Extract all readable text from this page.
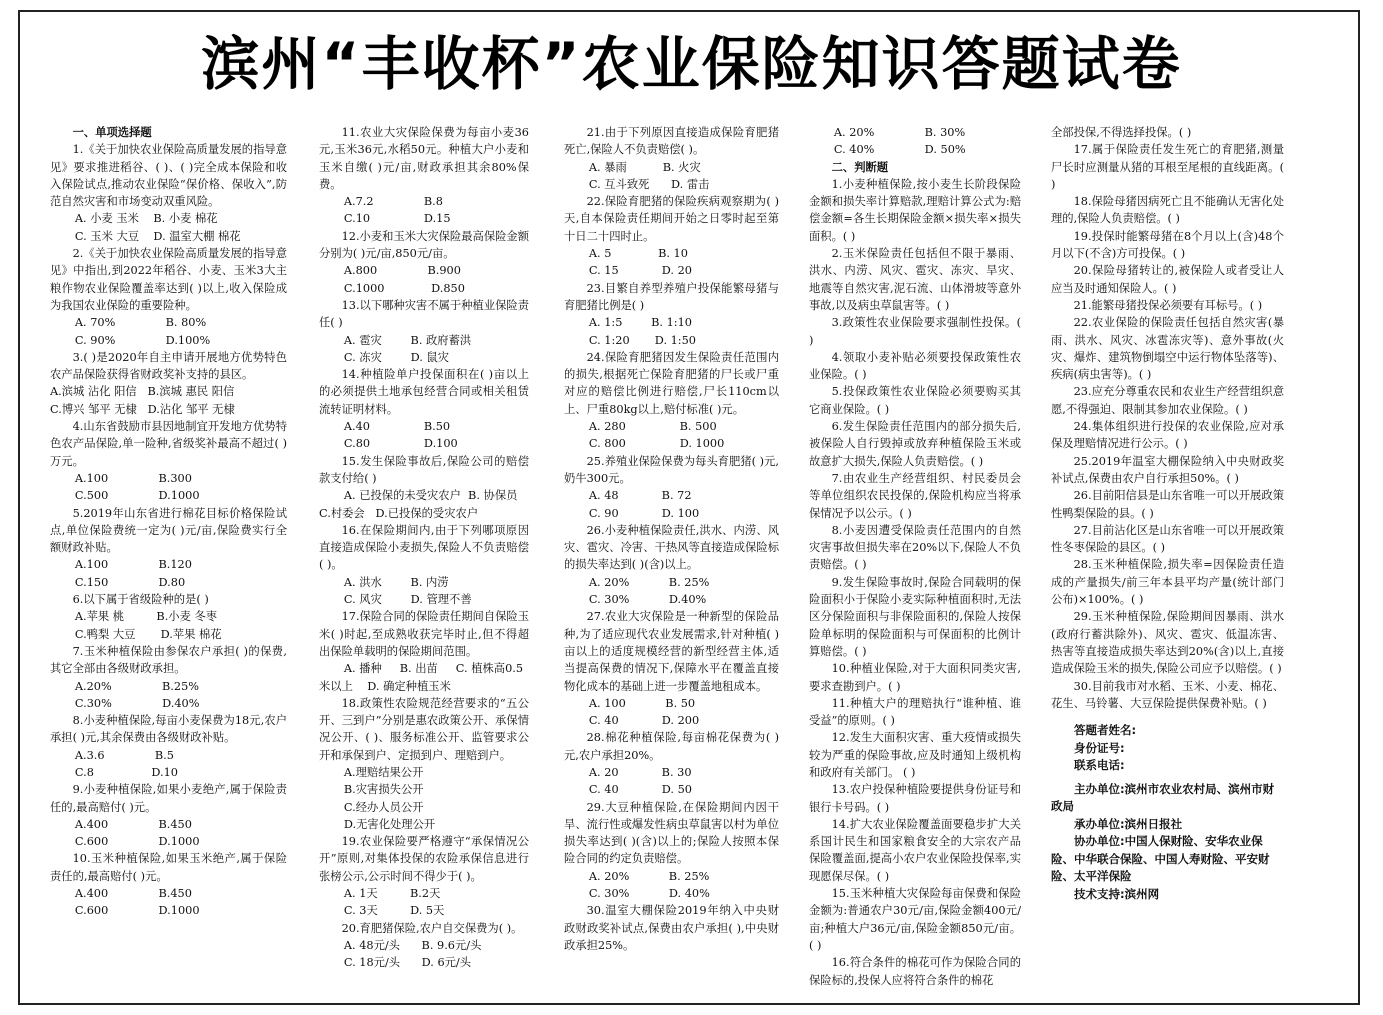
滨州“丰收杯”农业保险知识答题试卷

一、单项选择题

1.《关于加快农业保险高质量发展的指导意见》要求推进稻谷、( )、( )完全成本保险和收入保险试点,推动农业保险“保价格、保收入”,防范自然灾害和市场变动双重风险。

A. 小麦 玉米    B. 小麦 棉花

C. 玉米 大豆    D. 温室大棚 棉花

2.《关于加快农业保险高质量发展的指导意见》中指出,到2022年稻谷、小麦、玉米3大主粮作物农业保险覆盖率达到( )以上,收入保险成为我国农业保险的重要险种。

A. 70%              B. 80%

C. 90%              D.100%

3.( )是2020年自主申请开展地方优势特色农产品保险获得省财政奖补支持的县区。

A.滨城 沾化 阳信   B.滨城 惠民 阳信

C.博兴 邹平 无棣   D.沾化 邹平 无棣

4.山东省鼓励市县因地制宜开发地方优势特色农产品保险,单一险种,省级奖补最高不超过( )万元。

A.100              B.300

C.500              D.1000

5.2019年山东省进行棉花目标价格保险试点,单位保险费统一定为( )元/亩,保险费实行全额财政补贴。

A.100              B.120

C.150              D.80

6.以下属于省级险种的是( )

A.苹果 桃         B.小麦 冬枣

C.鸭梨 大豆       D.苹果 棉花

7.玉米种植保险由参保农户承担( )的保费,其它全部由各级财政承担。

A.20%              B.25%

C.30%              D.40%

8.小麦种植保险,每亩小麦保费为18元,农户承担( )元,其余保费由各级财政补贴。

A.3.6              B.5

C.8                D.10

9.小麦种植保险,如果小麦绝产,属于保险责任的,最高赔付( )元。

A.400              B.450

C.600              D.1000

10.玉米种植保险,如果玉米绝产,属于保险责任的,最高赔付( )元。

A.400              B.450

C.600              D.1000

11.农业大灾保险保费为每亩小麦36元,玉米36元,水稻50元。种植大户小麦和玉米自缴( )元/亩,财政承担其余80%保费。

A.7.2              B.8

C.10               D.15

12.小麦和玉米大灾保险最高保险金额分别为( )元/亩,850元/亩。

A.800              B.900

C.1000             D.850

13.以下哪种灾害不属于种植业保险责任( )

A. 雹灾        B. 政府蓄洪

C. 冻灾        D. 鼠灾

14.种植险单户投保面积在( )亩以上的必须提供土地承包经营合同或相关租赁流转证明材料。

A.40               B.50

C.80               D.100

15.发生保险事故后,保险公司的赔偿款支付给( )

A. 已投保的未受灾农户  B. 协保员

C.村委会   D.已投保的受灾农户

16.在保险期间内,由于下列哪项原因直接造成保险小麦损失,保险人不负责赔偿( )。

A. 洪水        B. 内涝

C. 风灾        D. 管理不善

17.保险合同的保险责任期间自保险玉米( )时起,至成熟收获完毕时止,但不得超出保险单载明的保险期间范围。

A. 播种     B. 出苗     C. 植株高0.5

米以上    D. 确定种植玉米

18.政策性农险规范经营要求的“五公开、三到户”分别是惠农政策公开、承保情况公开、( )、服务标准公开、监管要求公开和承保到户、定损到户、理赔到户。

A.理赔结果公开

B.灾害损失公开

C.经办人员公开

D.无害化处理公开

19.农业保险要严格遵守“承保情况公开”原则,对集体投保的农险承保信息进行张榜公示,公示时间不得少于( )。

A. 1天         B.2天

C. 3天         D. 5天

20.育肥猪保险,农户自交保费为( )。

A. 48元/头      B. 9.6元/头

C. 18元/头      D. 6元/头

21.由于下列原因直接造成保险育肥猪死亡,保险人不负责赔偿( )。

A. 暴雨          B. 火灾

C. 互斗致死      D. 雷击

22.保险育肥猪的保险疾病观察期为( )天,自本保险责任期间开始之日零时起至第十日二十四时止。

A. 5             B. 10

C. 15            D. 20

23.目繁自养型养殖户投保能繁母猪与育肥猪比例是( )

A. 1:5        B. 1:10

C. 1:20       D. 1:50

24.保险育肥猪因发生保险责任范围内的损失,根据死亡保险育肥猪的尸长或尸重对应的赔偿比例进行赔偿,尸长110cm以上、尸重80kg以上,赔付标准( )元。

A. 280               B. 500

C. 800               D. 1000

25.养殖业保险保费为每头育肥猪( )元,奶牛300元。

A. 48            B. 72

C. 90            D. 100

26.小麦种植保险责任,洪水、内涝、风灾、雹灾、冷害、干热风等直接造成保险标的损失率达到( )(含)以上。

A. 20%           B. 25%

C. 30%           D.40%

27.农业大灾保险是一种新型的保险品种,为了适应现代农业发展需求,针对种植( )亩以上的适度规模经营的新型经营主体,适当提高保费的情况下,保障水平在覆盖直接物化成本的基础上进一步覆盖地租成本。

A. 100           B. 50

C. 40            D. 200

28.棉花种植保险,每亩棉花保费为( )元,农户承担20%。

A. 20            B. 30

C. 40            D. 50

29.大豆种植保险,在保险期间内因干旱、流行性或爆发性病虫草鼠害以村为单位损失率达到( )(含)以上的;保险人按照本保险合同的约定负责赔偿。

A. 20%           B. 25%

C. 30%           D. 40%

30.温室大棚保险2019年纳入中央财政财政奖补试点,保费由农户承担( ),中央财政承担25%。

A. 20%              B. 30%

C. 40%              D. 50%

二、判断题

1.小麦种植保险,按小麦生长阶段保险金额和损失率计算赔款,理赔计算公式为:赔偿金额=各生长期保险金额×损失率×损失面积。( )

2.玉米保险责任包括但不限于暴雨、洪水、内涝、风灾、雹灾、冻灾、旱灾、地震等自然灾害,泥石流、山体滑坡等意外事故,以及病虫草鼠害等。( )

3.政策性农业保险要求强制性投保。( )

4.领取小麦补贴必须要投保政策性农业保险。( )

5.投保政策性农业保险必须要购买其它商业保险。( )

6.发生保险责任范围内的部分损失后,被保险人自行毁掉或放弃种植保险玉米或故意扩大损失,保险人负责赔偿。( )

7.由农业生产经营组织、村民委员会等单位组织农民投保的,保险机构应当将承保情况予以公示。( )

8.小麦因遭受保险责任范围内的自然灾害事故但损失率在20%以下,保险人不负责赔偿。( )

9.发生保险事故时,保险合同载明的保险面积小于保险小麦实际种植面积时,无法区分保险面积与非保险面积的,保险人按保险单标明的保险面积与可保面积的比例计算赔偿。( )

10.种植业保险,对于大面积同类灾害,要求查勘到户。( )

11.种植大户的理赔执行“谁种植、谁受益”的原则。( )

12.发生大面积灾害、重大疫情或损失较为严重的保险事故,应及时通知上级机构和政府有关部门。 ( )

13.农户投保种植险要提供身份证号和银行卡号码。( )

14.扩大农业保险覆盖面要稳步扩大关系国计民生和国家粮食安全的大宗农产品保险覆盖面,提高小农户农业保险投保率,实现愿保尽保。( )

15.玉米种植大灾保险每亩保费和保险金额为:普通农户30元/亩,保险金额400元/亩;种植大户36元/亩,保险金额850元/亩。( )

16.符合条件的棉花可作为保险合同的保险标的,投保人应将符合条件的棉花

全部投保,不得选择投保。( )

17.属于保险责任发生死亡的育肥猪,测量尸长时应测量从猪的耳根至尾根的直线距离。( )

18.保险母猪因病死亡且不能确认无害化处理的,保险人负责赔偿。( )

19.投保时能繁母猪在8个月以上(含)48个月以下(不含)方可投保。( )

20.保险母猪转让的,被保险人或者受让人应当及时通知保险人。( )

21.能繁母猪投保必须要有耳标号。( )

22.农业保险的保险责任包括自然灾害(暴雨、洪水、风灾、冰雹冻灾等)、意外事故(火灾、爆炸、建筑物倒塌空中运行物体坠落等)、疾病(病虫害等)。( )

23.应充分尊重农民和农业生产经营组织意愿,不得强迫、限制其参加农业保险。( )

24.集体组织进行投保的农业保险,应对承保及理赔情况进行公示。( )

25.2019年温室大棚保险纳入中央财政奖补试点,保费由农户自行承担50%。( )

26.目前阳信县是山东省唯一可以开展政策性鸭梨保险的县。( )

27.目前沾化区是山东省唯一可以开展政策性冬枣保险的县区。( )

28.玉米种植保险,损失率=因保险责任造成的产量损失/前三年本县平均产量(统计部门公布)×100%。( )

29.玉米种植保险,保险期间因暴雨、洪水(政府行蓄洪除外)、风灾、雹灾、低温冻害、热害等直接造成损失率达到20%(含)以上,直接造成保险玉米的损失,保险公司应予以赔偿。( )

30.目前我市对水稻、玉米、小麦、棉花、花生、马铃薯、大豆保险提供保费补贴。( )

答题者姓名:

身份证号:

联系电话:

主办单位:滨州市农业农村局、滨州市财政局

承办单位:滨州日报社

协办单位:中国人保财险、安华农业保险、中华联合保险、中国人寿财险、平安财险、太平洋保险

技术支持:滨州网
